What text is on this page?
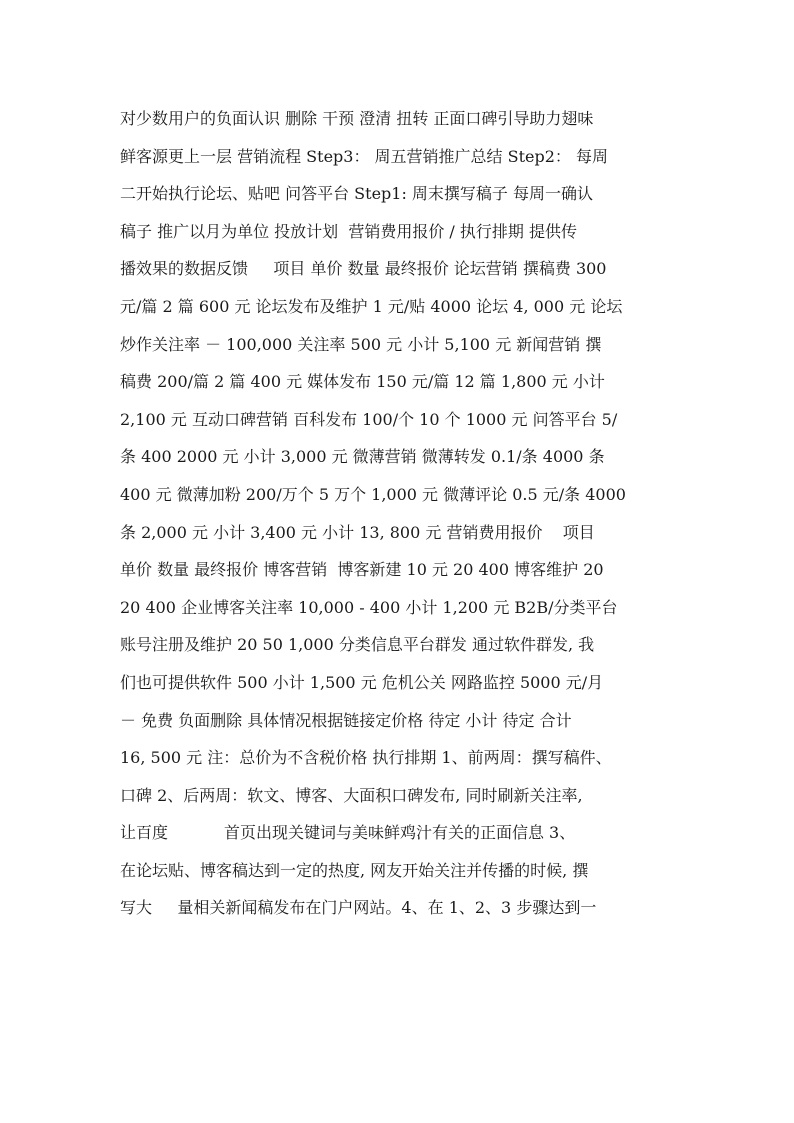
对少数用户的负面认识 删除 干预 澄清 扭转 正面口碑引导助力翅味
鲜客源更上一层 营销流程 Step3： 周五营销推广总结 Step2： 每周
二开始执行论坛、贴吧 问答平台 Step1: 周末撰写稿子 每周一确认
稿子 推广以月为单位 投放计划  营销费用报价 / 执行排期 提供传
播效果的数据反馈     项目 单价 数量 最终报价 论坛营销 撰稿费 300
元/篇 2 篇 600 元 论坛发布及维护 1 元/贴 4000 论坛 4, 000 元 论坛
炒作关注率 － 100,000 关注率 500 元 小计 5,100 元 新闻营销 撰
稿费 200/篇 2 篇 400 元 媒体发布 150 元/篇 12 篇 1,800 元 小计
2,100 元 互动口碑营销 百科发布 100/个 10 个 1000 元 问答平台 5/
条 400 2000 元 小计 3,000 元 微薄营销 微薄转发 0.1/条 4000 条
400 元 微薄加粉 200/万个 5 万个 1,000 元 微薄评论 0.5 元/条 4000
条 2,000 元 小计 3,400 元 小计 13, 800 元 营销费用报价    项目
单价 数量 最终报价 博客营销  博客新建 10 元 20 400 博客维护 20
20 400 企业博客关注率 10,000 - 400 小计 1,200 元 B2B/分类平台
账号注册及维护 20 50 1,000 分类信息平台群发 通过软件群发, 我
们也可提供软件 500 小计 1,500 元 危机公关 网路监控 5000 元/月
－ 免费 负面删除 具体情况根据链接定价格 待定 小计 待定 合计
16, 500 元 注：总价为不含税价格 执行排期 1、前两周：撰写稿件、
口碑 2、后两周：软文、博客、大面积口碑发布, 同时刷新关注率,
让百度           首页出现关键词与美味鲜鸡汁有关的正面信息 3、
在论坛贴、博客稿达到一定的热度, 网友开始关注并传播的时候, 撰
写大     量相关新闻稿发布在门户网站。4、在 1、2、3 步骤达到一
